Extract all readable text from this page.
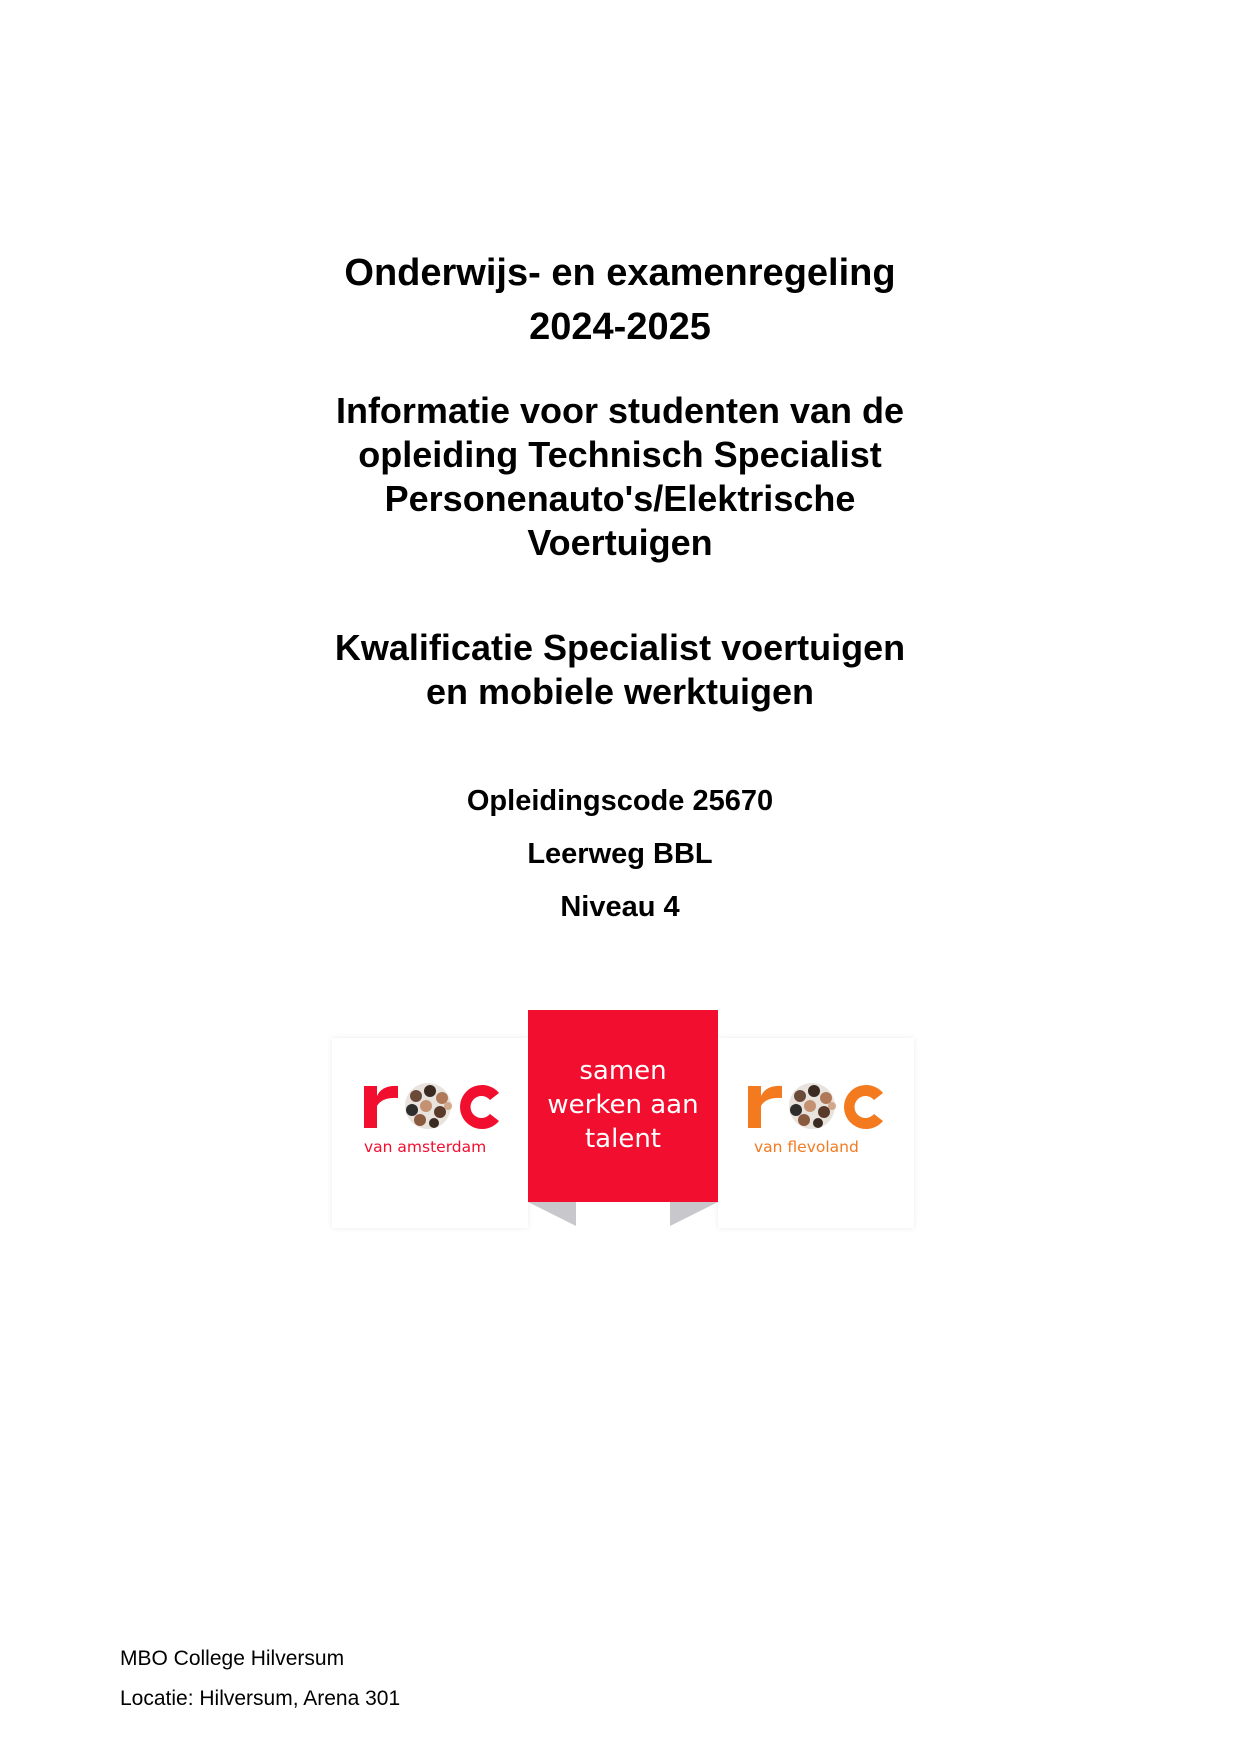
Onderwijs- en examenregeling
2024-2025
Informatie voor studenten van de
opleiding Technisch Specialist
Personenauto's/Elektrische
Voertuigen
Kwalificatie Specialist voertuigen
en mobiele werktuigen
Opleidingscode 25670
Leerweg BBL
Niveau 4
van amsterdam
samen
werken aan
talent	van flevoland
MBO College Hilversum
Locatie: Hilversum, Arena 301
